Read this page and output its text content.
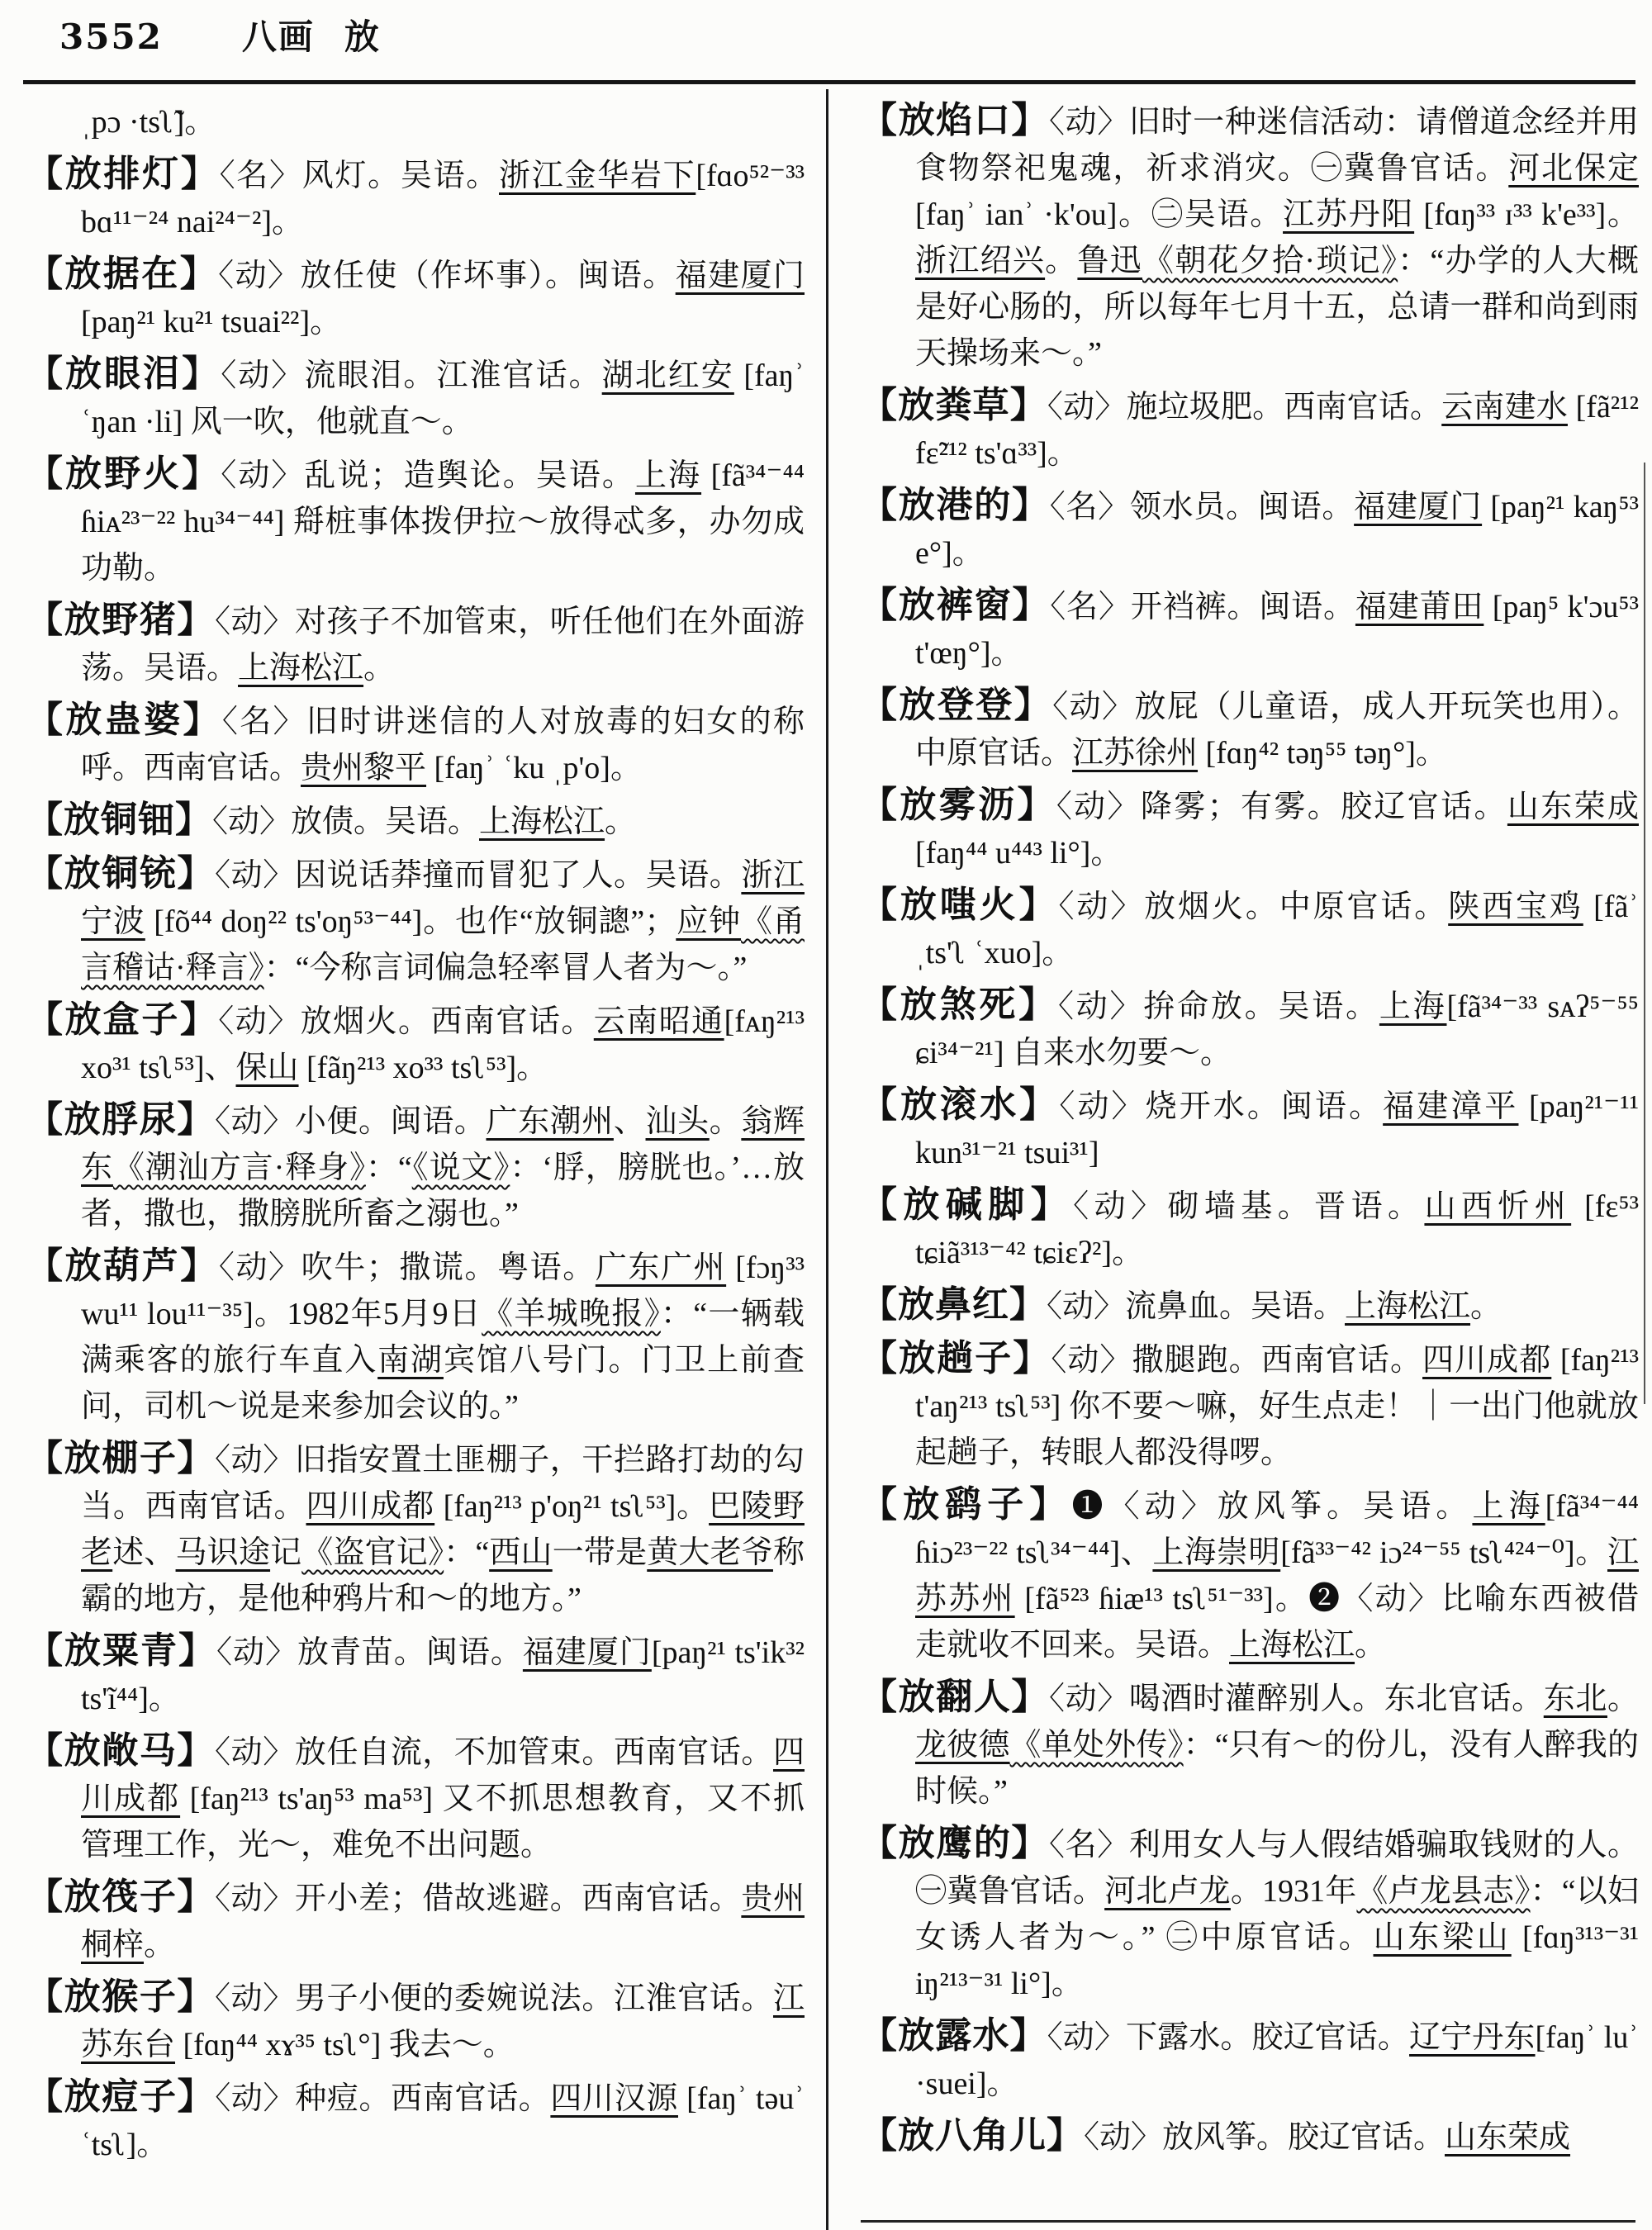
3552 八画 放

ˌpɔ ·tsʅ̃]。

【放排灯】〈名〉风灯。吴语。浙江金华岩下[fɑo⁵²⁻³³ bɑ¹¹⁻²⁴ nai²⁴⁻²]。

【放据在】〈动〉放任使（作坏事）。闽语。福建厦门 [paŋ²¹ ku²¹ tsuai²²]。

【放眼泪】〈动〉流眼泪。江淮官话。湖北红安 [faŋʾ ʿŋan ·li] 风一吹，他就直～。

【放野火】〈动〉乱说；造舆论。吴语。上海 [fã³⁴⁻⁴⁴ ɦiᴀ²³⁻²² hu³⁴⁻⁴⁴] 搿桩事体拨伊拉～放得忒多，办勿成功勒。

【放野猪】〈动〉对孩子不加管束，听任他们在外面游荡。吴语。上海松江。

【放蛊婆】〈名〉旧时讲迷信的人对放毒的妇女的称呼。西南官话。贵州黎平 [faŋʾ ʿku ˌp'o]。

【放铜钿】〈动〉放债。吴语。上海松江。

【放铜铳】〈动〉因说话莽撞而冒犯了人。吴语。浙江宁波 [fõ⁴⁴ doŋ²² ts'oŋ⁵³⁻⁴⁴]。也作“放铜謥”；应钟《甬言稽诂·释言》：“今称言词偏急轻率冒人者为～。”

【放盒子】〈动〉放烟火。西南官话。云南昭通[fᴀŋ²¹³ xo³¹ tsʅ⁵³]、保山 [fãŋ²¹³ xo³³ tsʅ⁵³]。

【放脬尿】〈动〉小便。闽语。广东潮州、汕头。翁辉东《潮汕方言·释身》：“《说文》：‘脬，膀胱也。’…放者，撒也，撒膀胱所畜之溺也。”

【放葫芦】〈动〉吹牛；撒谎。粤语。广东广州 [fɔŋ³³ wu¹¹ lou¹¹⁻³⁵]。1982年5月9日《羊城晚报》：“一辆载满乘客的旅行车直入南湖宾馆八号门。门卫上前查问，司机～说是来参加会议的。”

【放棚子】〈动〉旧指安置土匪棚子，干拦路打劫的勾当。西南官话。四川成都 [faŋ²¹³ p'oŋ²¹ tsʅ⁵³]。巴陵野老述、马识途记《盗官记》：“西山一带是黄大老爷称霸的地方，是他种鸦片和～的地方。”

【放粟青】〈动〉放青苗。闽语。福建厦门[paŋ²¹ ts'ik³² ts'ĩ⁴⁴]。

【放敞马】〈动〉放任自流，不加管束。西南官话。四川成都 [faŋ²¹³ ts'aŋ⁵³ ma⁵³] 又不抓思想教育，又不抓管理工作，光～，难免不出问题。

【放筏子】〈动〉开小差；借故逃避。西南官话。贵州桐梓。

【放猴子】〈动〉男子小便的委婉说法。江淮官话。江苏东台 [fɑŋ⁴⁴ xɤ³⁵ tsʅ°] 我去～。

【放痘子】〈动〉种痘。西南官话。四川汉源 [faŋʾ təuʾ ʿtsʅ]。

【放焰口】〈动〉旧时一种迷信活动：请僧道念经并用食物祭祀鬼魂，祈求消灾。㊀冀鲁官话。河北保定 [faŋʾ ianʾ ·k'ou]。㊁吴语。江苏丹阳 [fɑŋ³³ ɪ³³ k'e³³]。浙江绍兴。鲁迅《朝花夕拾·琐记》：“办学的人大概是好心肠的，所以每年七月十五，总请一群和尚到雨天操场来～。”

【放粪草】〈动〉施垃圾肥。西南官话。云南建水 [fã²¹² fɛ̃²¹² ts'ɑ³³]。

【放港的】〈名〉领水员。闽语。福建厦门 [paŋ²¹ kaŋ⁵³ e°]。

【放裤窗】〈名〉开裆裤。闽语。福建莆田 [paŋ⁵ k'ɔu⁵³ t'œŋ°]。

【放登登】〈动〉放屁（儿童语，成人开玩笑也用）。中原官话。江苏徐州 [fɑŋ⁴² təŋ⁵⁵ təŋ°]。

【放雾沥】〈动〉降雾；有雾。胶辽官话。山东荣成 [faŋ⁴⁴ u⁴⁴³ li°]。

【放嗤火】〈动〉放烟火。中原官话。陕西宝鸡 [fãʾ ˌts'ʅ ʿxuo]。

【放煞死】〈动〉拚命放。吴语。上海[fã³⁴⁻³³ sᴀʔ⁵⁻⁵⁵ ɕi³⁴⁻²¹] 自来水勿要～。

【放滚水】〈动〉烧开水。闽语。福建漳平 [paŋ²¹⁻¹¹ kun³¹⁻²¹ tsui³¹]

【放碱脚】〈动〉砌墙基。晋语。山西忻州 [fɛ⁵³ tɕiã³¹³⁻⁴² tɕiɛʔ²]。

【放鼻红】〈动〉流鼻血。吴语。上海松江。

【放趟子】〈动〉撒腿跑。西南官话。四川成都 [faŋ²¹³ t'aŋ²¹³ tsʅ⁵³] 你不要～嘛，好生点走！｜一出门他就放起趟子，转眼人都没得啰。

【放鹞子】❶〈动〉放风筝。吴语。上海[fã³⁴⁻⁴⁴ ɦiɔ²³⁻²² tsʅ³⁴⁻⁴⁴]、上海崇明[fã³³⁻⁴² iɔ²⁴⁻⁵⁵ tsʅ⁴²⁴⁻⁰]。江苏苏州 [fã⁵²³ ɦiæ¹³ tsʅ⁵¹⁻³³]。❷〈动〉比喻东西被借走就收不回来。吴语。上海松江。

【放翻人】〈动〉喝酒时灌醉别人。东北官话。东北。龙彼德《单处外传》：“只有～的份儿，没有人醉我的时候。”

【放鹰的】〈名〉利用女人与人假结婚骗取钱财的人。㊀冀鲁官话。河北卢龙。1931年《卢龙县志》：“以妇女诱人者为～。” ㊁中原官话。山东梁山 [fɑŋ³¹³⁻³¹ iŋ²¹³⁻³¹ li°]。

【放露水】〈动〉下露水。胶辽官话。辽宁丹东[faŋʾ luʾ ·suei]。

【放八角儿】〈动〉放风筝。胶辽官话。山东荣成
